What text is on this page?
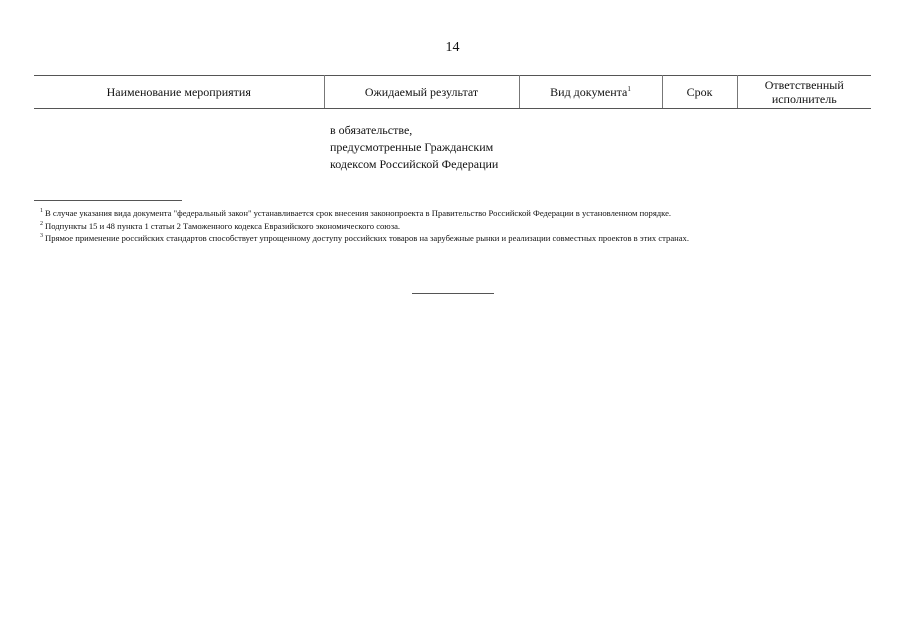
14
Наименование мероприятия	Ожидаемый результат	Вид документа$^1$	Срок	Ответственный исполнитель
в обязательстве,
предусмотренные Гражданским
кодексом Российской Федерации
$^1$ В случае указания вида документа "федеральный закон" устанавливается срок внесения законопроекта в Правительство Российской Федерации в установленном порядке.
$^2$ Подпункты 15 и 48 пункта 1 статьи 2 Таможенного кодекса Евразийского экономического союза.
$^3$ Прямое применение российских стандартов способствует упрощенному доступу российских товаров на зарубежные рынки и реализации совместных проектов в этих странах.
